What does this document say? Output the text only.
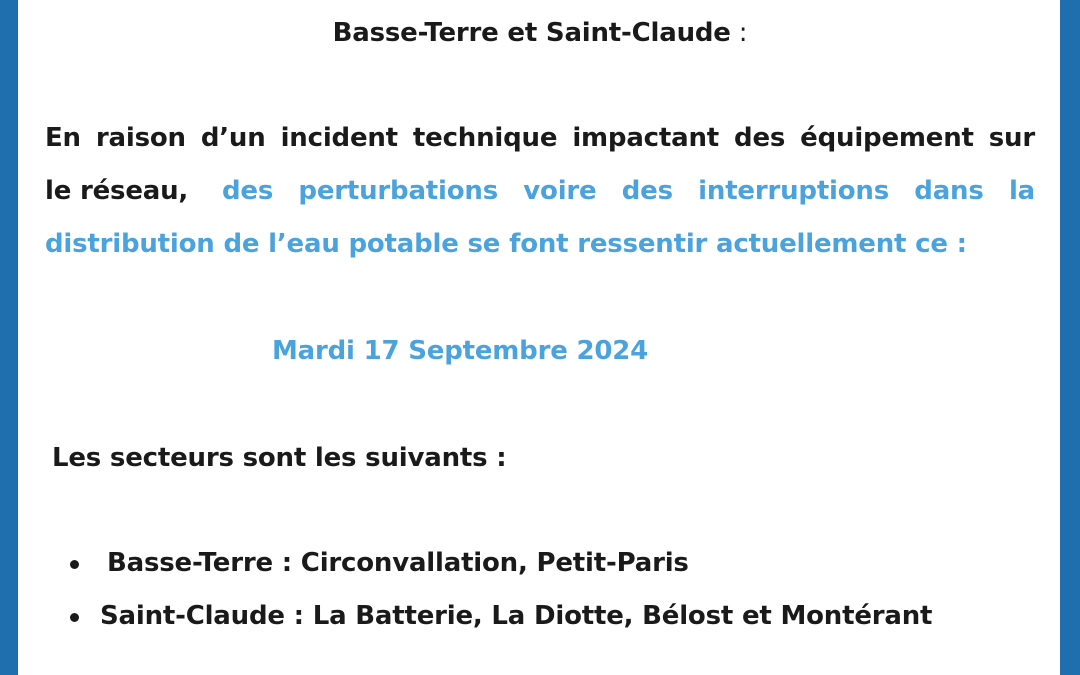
Basse-Terre et Saint-Claude :
En raison d’un incident technique impactant des équipement sur
le réseau, des perturbations voire des interruptions dans la
distribution de l’eau potable se font ressentir actuellement ce :
Mardi 17 Septembre 2024
Les secteurs sont les suivants :
Basse-Terre : Circonvallation, Petit-Paris
Saint-Claude : La Batterie, La Diotte, Bélost et Montérant
